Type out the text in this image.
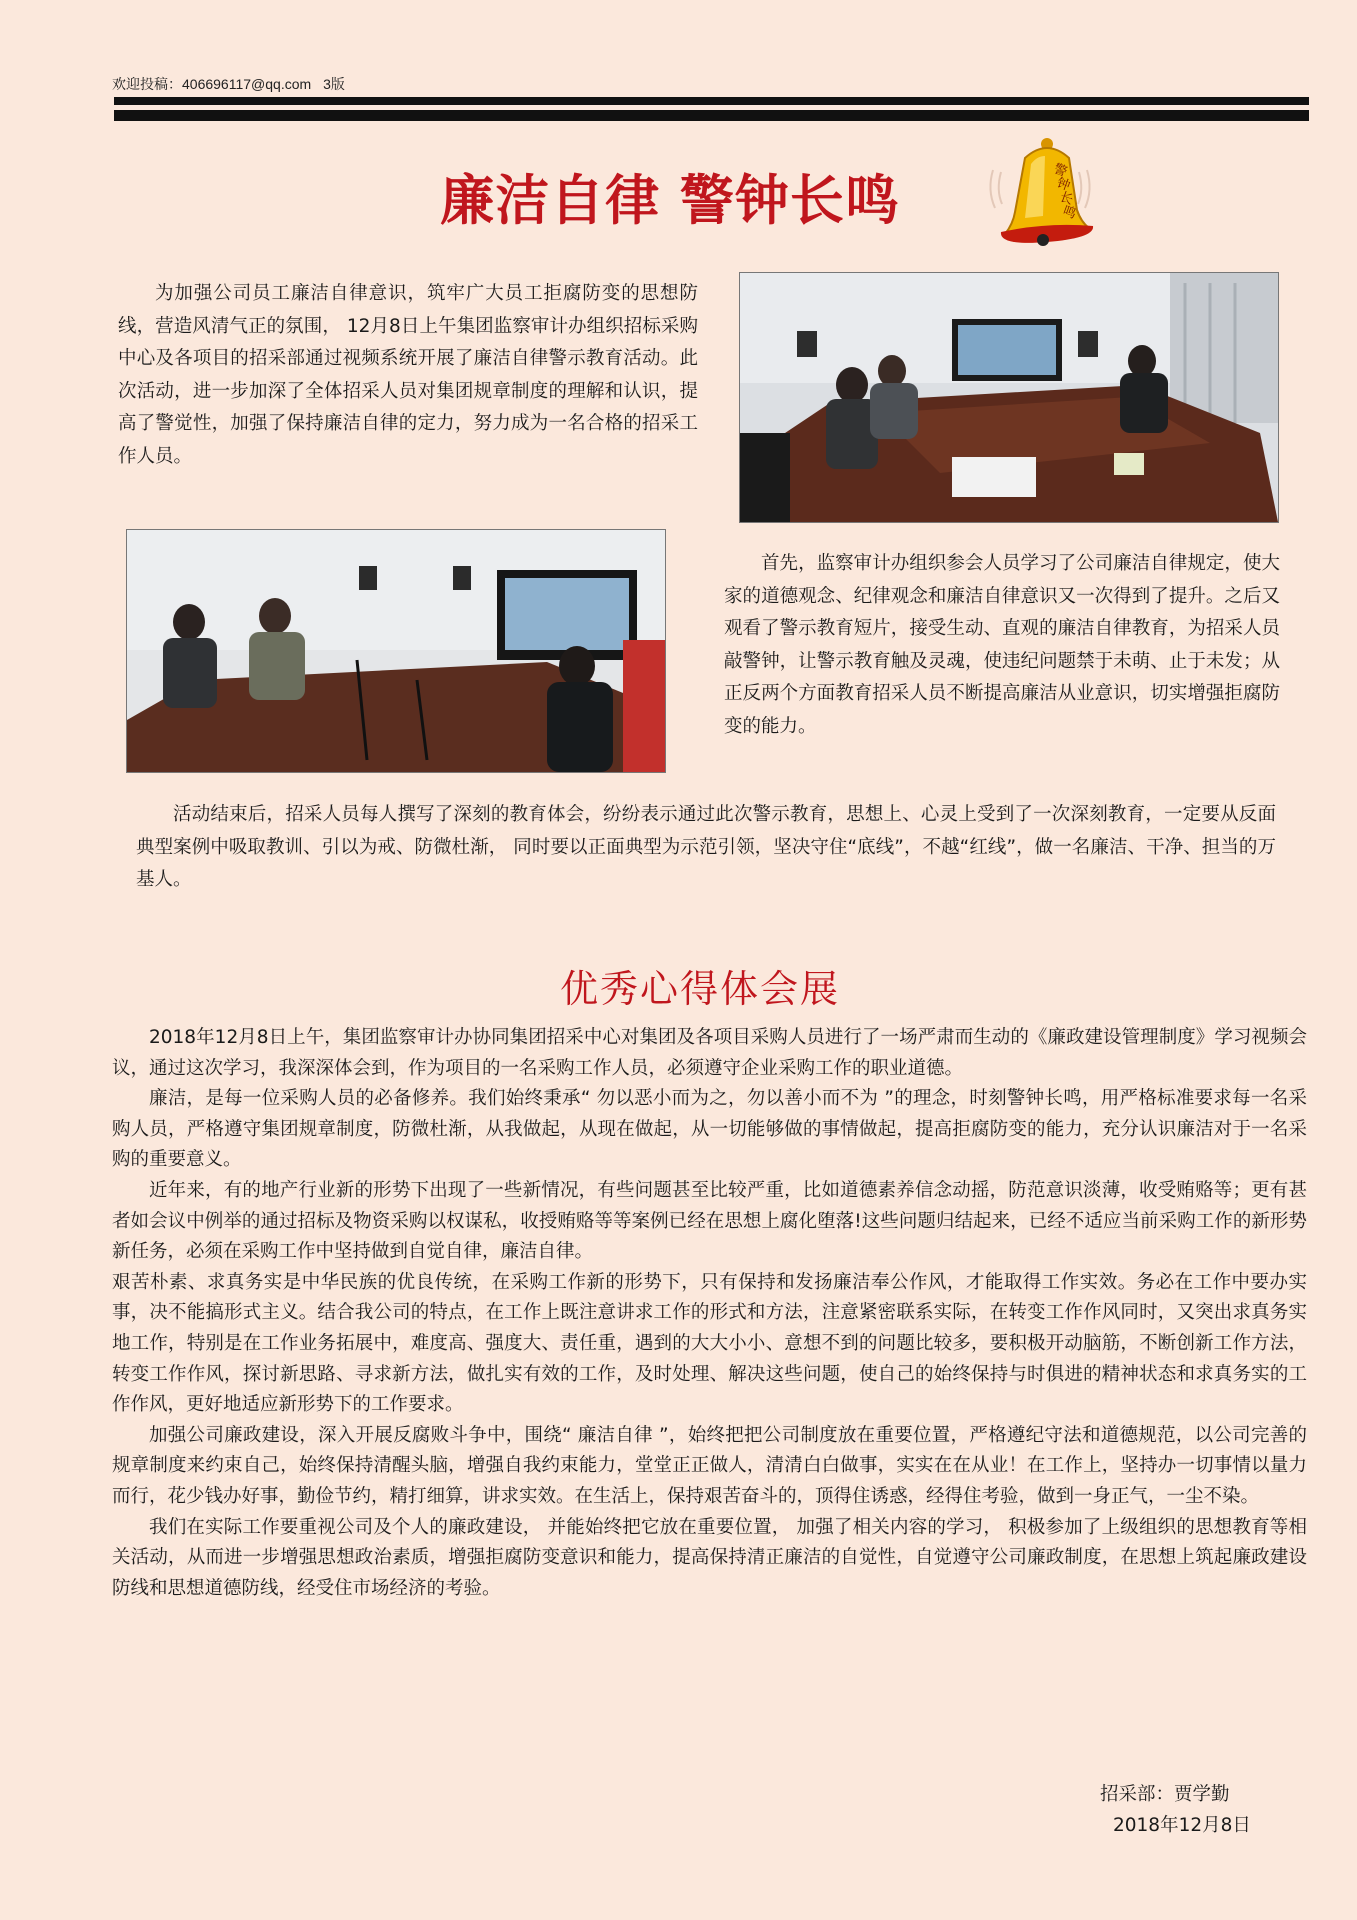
欢迎投稿：406696117@qq.com 3版
廉洁自律 警钟长鸣	警
钟
长
鸣

为加强公司员工廉洁自律意识，筑牢广大员工拒腐防变的思想防线，营造风清气正的氛围， 12月8日上午集团监察审计办组织招标采购中心及各项目的招采部通过视频系统开展了廉洁自律警示教育活动。此次活动，进一步加深了全体招采人员对集团规章制度的理解和认识，提高了警觉性，加强了保持廉洁自律的定力，努力成为一名合格的招采工作人员。

首先，监察审计办组织参会人员学习了公司廉洁自律规定，使大家的道德观念、纪律观念和廉洁自律意识又一次得到了提升。之后又观看了警示教育短片，接受生动、直观的廉洁自律教育，为招采人员敲警钟，让警示教育触及灵魂，使违纪问题禁于未萌、止于未发；从正反两个方面教育招采人员不断提高廉洁从业意识，切实增强拒腐防变的能力。

活动结束后，招采人员每人撰写了深刻的教育体会，纷纷表示通过此次警示教育，思想上、心灵上受到了一次深刻教育，一定要从反面典型案例中吸取教训、引以为戒、防微杜渐， 同时要以正面典型为示范引领，坚决守住“底线”，不越“红线”，做一名廉洁、干净、担当的万基人。

优秀心得体会展

2018年12月8日上午，集团监察审计办协同集团招采中心对集团及各项目采购人员进行了一场严肃而生动的《廉政建设管理制度》学习视频会议，通过这次学习，我深深体会到，作为项目的一名采购工作人员，必须遵守企业采购工作的职业道德。

廉洁，是每一位采购人员的必备修养。我们始终秉承“ 勿以恶小而为之，勿以善小而不为 ”的理念，时刻警钟长鸣，用严格标准要求每一名采购人员，严格遵守集团规章制度，防微杜渐，从我做起，从现在做起，从一切能够做的事情做起，提高拒腐防变的能力，充分认识廉洁对于一名采购的重要意义。

近年来，有的地产行业新的形势下出现了一些新情况，有些问题甚至比较严重，比如道德素养信念动摇，防范意识淡薄，收受贿赂等；更有甚者如会议中例举的通过招标及物资采购以权谋私，收授贿赂等等案例已经在思想上腐化堕落!这些问题归结起来，已经不适应当前采购工作的新形势新任务，必须在采购工作中坚持做到自觉自律，廉洁自律。

艰苦朴素、求真务实是中华民族的优良传统，在采购工作新的形势下，只有保持和发扬廉洁奉公作风，才能取得工作实效。务必在工作中要办实事，决不能搞形式主义。结合我公司的特点，在工作上既注意讲求工作的形式和方法，注意紧密联系实际，在转变工作作风同时，又突出求真务实地工作，特别是在工作业务拓展中，难度高、强度大、责任重，遇到的大大小小、意想不到的问题比较多，要积极开动脑筋，不断创新工作方法，转变工作作风，探讨新思路、寻求新方法，做扎实有效的工作，及时处理、解决这些问题，使自己的始终保持与时俱进的精神状态和求真务实的工作作风，更好地适应新形势下的工作要求。

加强公司廉政建设，深入开展反腐败斗争中，围绕“ 廉洁自律 ”，始终把把公司制度放在重要位置，严格遵纪守法和道德规范，以公司完善的规章制度来约束自己，始终保持清醒头脑，增强自我约束能力，堂堂正正做人，清清白白做事，实实在在从业！在工作上，坚持办一切事情以量力而行，花少钱办好事，勤俭节约，精打细算，讲求实效。在生活上，保持艰苦奋斗的，顶得住诱惑，经得住考验，做到一身正气，一尘不染。

我们在实际工作要重视公司及个人的廉政建设， 并能始终把它放在重要位置， 加强了相关内容的学习， 积极参加了上级组织的思想教育等相关活动，从而进一步增强思想政治素质，增强拒腐防变意识和能力，提高保持清正廉洁的自觉性，自觉遵守公司廉政制度，在思想上筑起廉政建设防线和思想道德防线，经受住市场经济的考验。

招采部：贾学勤
2018年12月8日
